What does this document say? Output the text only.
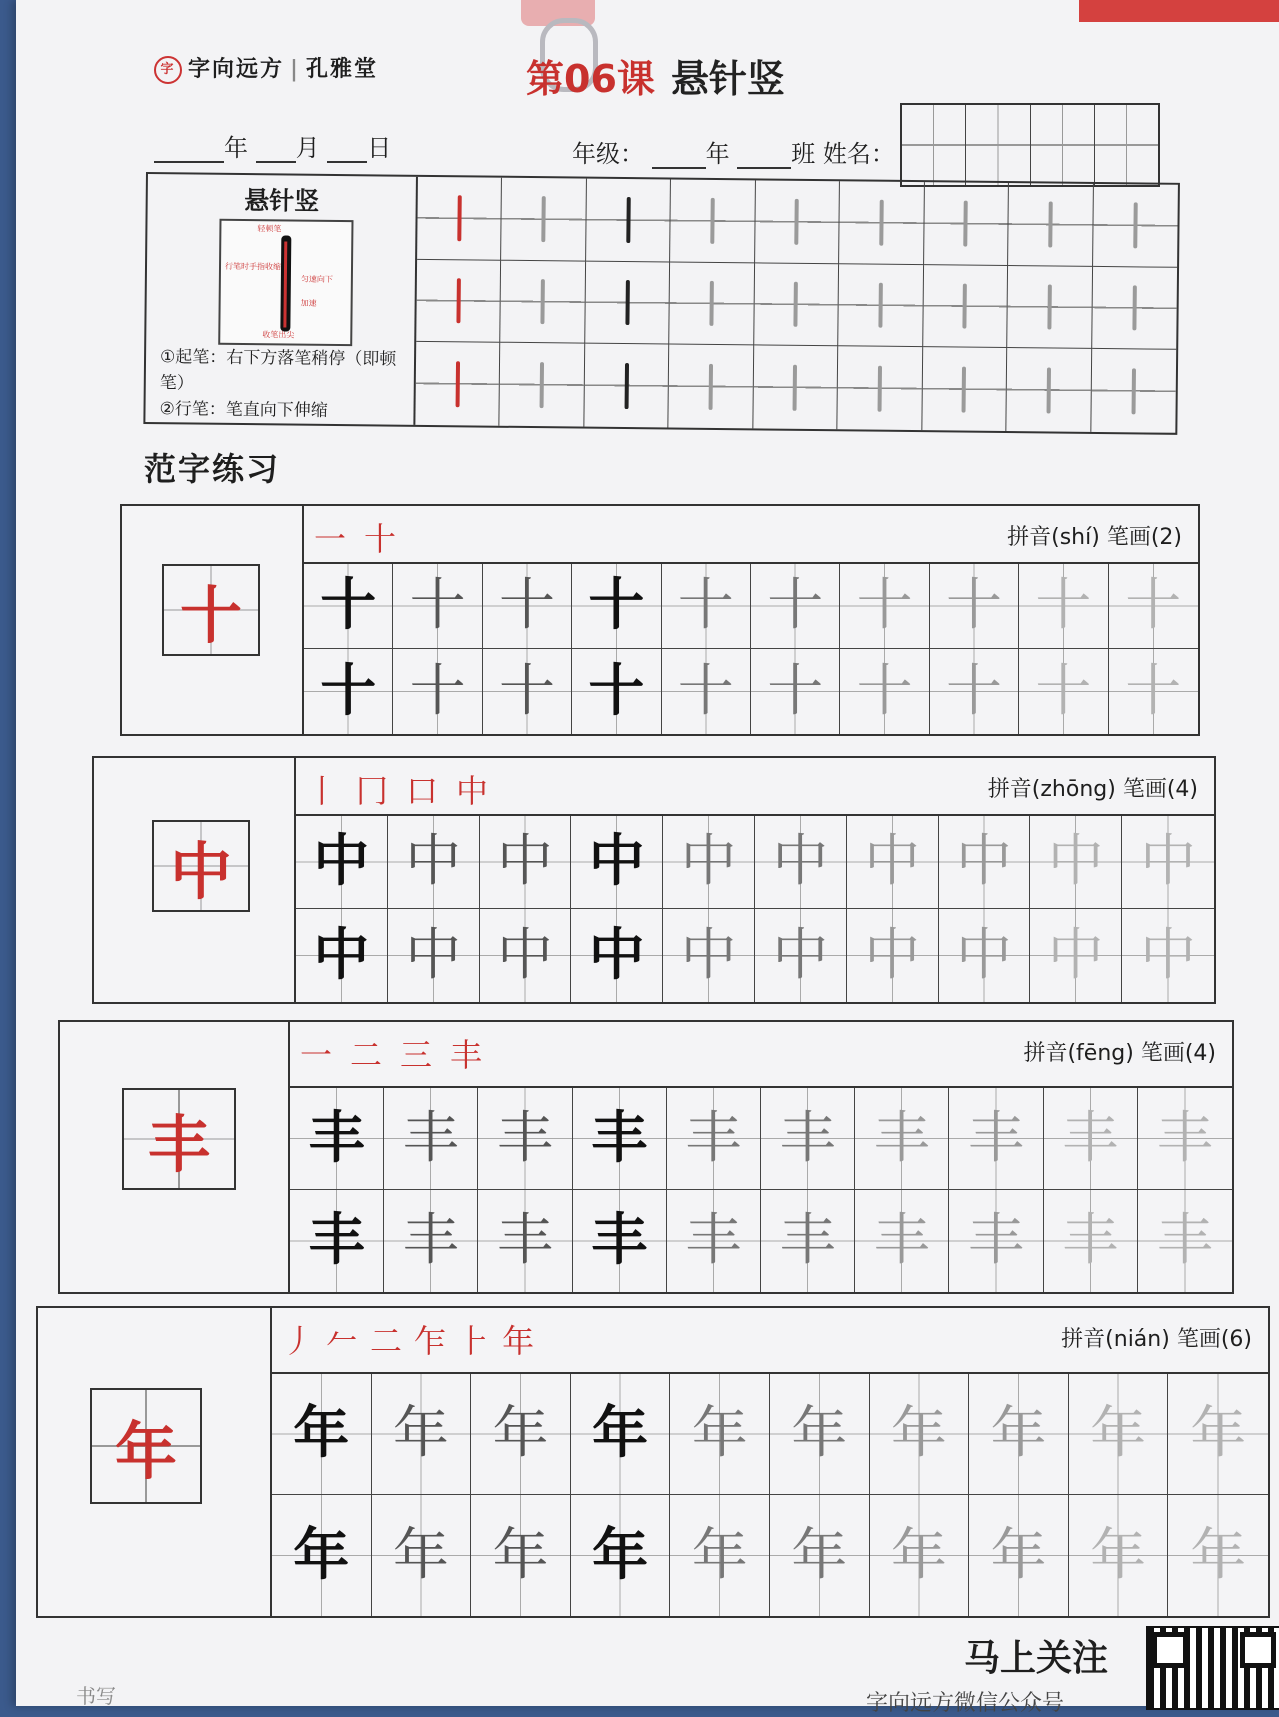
字 字向远方 | 孔雅堂	第06课 悬针竖
年 月 日	年级：	年	班 姓名：
悬针竖
轻顿笔
行笔时手指收缩
匀速向下
加速
收笔出尖
①起笔：右下方落笔稍停（即顿笔）
②行笔：笔直向下伸缩
范字练习
十
一十	拼音(shí) 笔画(2)
十 十 十 十 十 十 十 十 十 十
十 十 十 十 十 十 十 十 十 十
中
丨冂口中	拼音(zhōng) 笔画(4)
中 中 中 中 中 中 中 中 中 中
中 中 中 中 中 中 中 中 中 中
丰
一二三丰	拼音(fēng) 笔画(4)
丰 丰 丰 丰 丰 丰 丰 丰 丰 丰
丰 丰 丰 丰 丰 丰 丰 丰 丰 丰
年
丿𠂉二乍⺊年	拼音(nián) 笔画(6)
年 年 年 年 年 年 年 年 年 年
年 年 年 年 年 年 年 年 年 年
书写
马上关注
字向远方微信公众号
